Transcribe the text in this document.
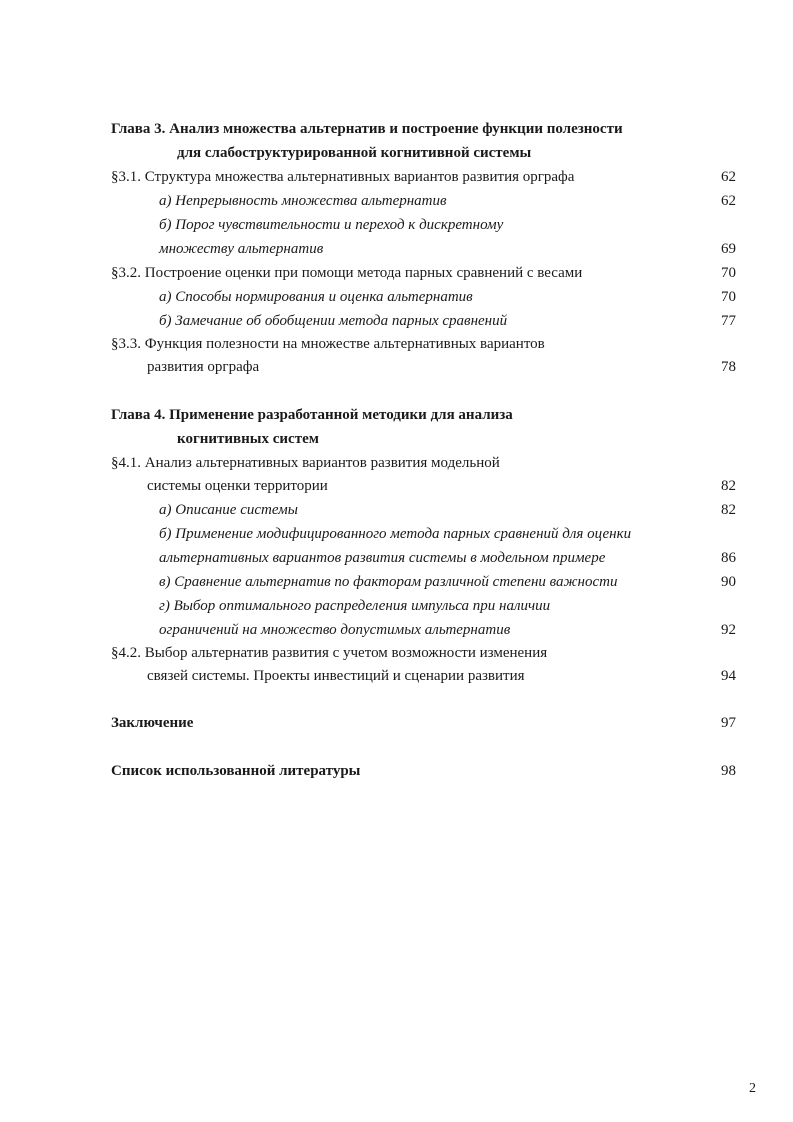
Глава 3. Анализ множества альтернатив и построение функции полезности
для слабоструктурированной когнитивной системы
§3.1. Структура множества альтернативных вариантов развития орграфа	62
а) Непрерывность множества альтернатив	62
б) Порог чувствительности и переход к дискретному
множеству альтернатив	69
§3.2. Построение оценки при помощи метода парных сравнений с весами	70
а) Способы нормирования и оценка альтернатив	70
б) Замечание об обобщении метода парных сравнений	77
§3.3. Функция полезности на множестве альтернативных вариантов
развития орграфа	78
Глава 4. Применение разработанной методики для анализа
когнитивных систем
§4.1. Анализ альтернативных вариантов развития модельной
системы оценки территории	82
а) Описание системы	82
б) Применение модифицированного метода парных сравнений для оценки
альтернативных вариантов развития системы в модельном примере	86
в) Сравнение альтернатив по факторам различной степени важности	90
г) Выбор оптимального распределения импульса при наличии
ограничений на множество допустимых альтернатив	92
§4.2. Выбор альтернатив развития с учетом возможности изменения
связей системы. Проекты инвестиций и сценарии развития	94
Заключение	97
Список использованной литературы	98
2
